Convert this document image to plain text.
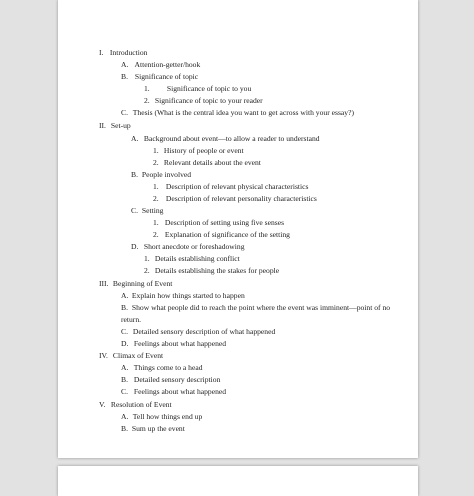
I. Introduction
A. Attention-getter/hook
B. Significance of topic
1. Significance of topic to you
2. Significance of topic to your reader
C. Thesis (What is the central idea you want to get across with your essay?)
II. Set-up
A. Background about event—to allow a reader to understand
1. History of people or event
2. Relevant details about the event
B. People involved
1. Description of relevant physical characteristics
2. Description of relevant personality characteristics
C. Setting
1. Description of setting using five senses
2. Explanation of significance of the setting
D. Short anecdote or foreshadowing
1. Details establishing conflict
2. Details establishing the stakes for people
III. Beginning of Event
A. Explain how things started to happen
B. Show what people did to reach the point where the event was imminent—point of no
return.
C. Detailed sensory description of what happened
D. Feelings about what happened
IV. Climax of Event
A. Things come to a head
B. Detailed sensory description
C. Feelings about what happened
V. Resolution of Event
A. Tell how things end up
B. Sum up the event
